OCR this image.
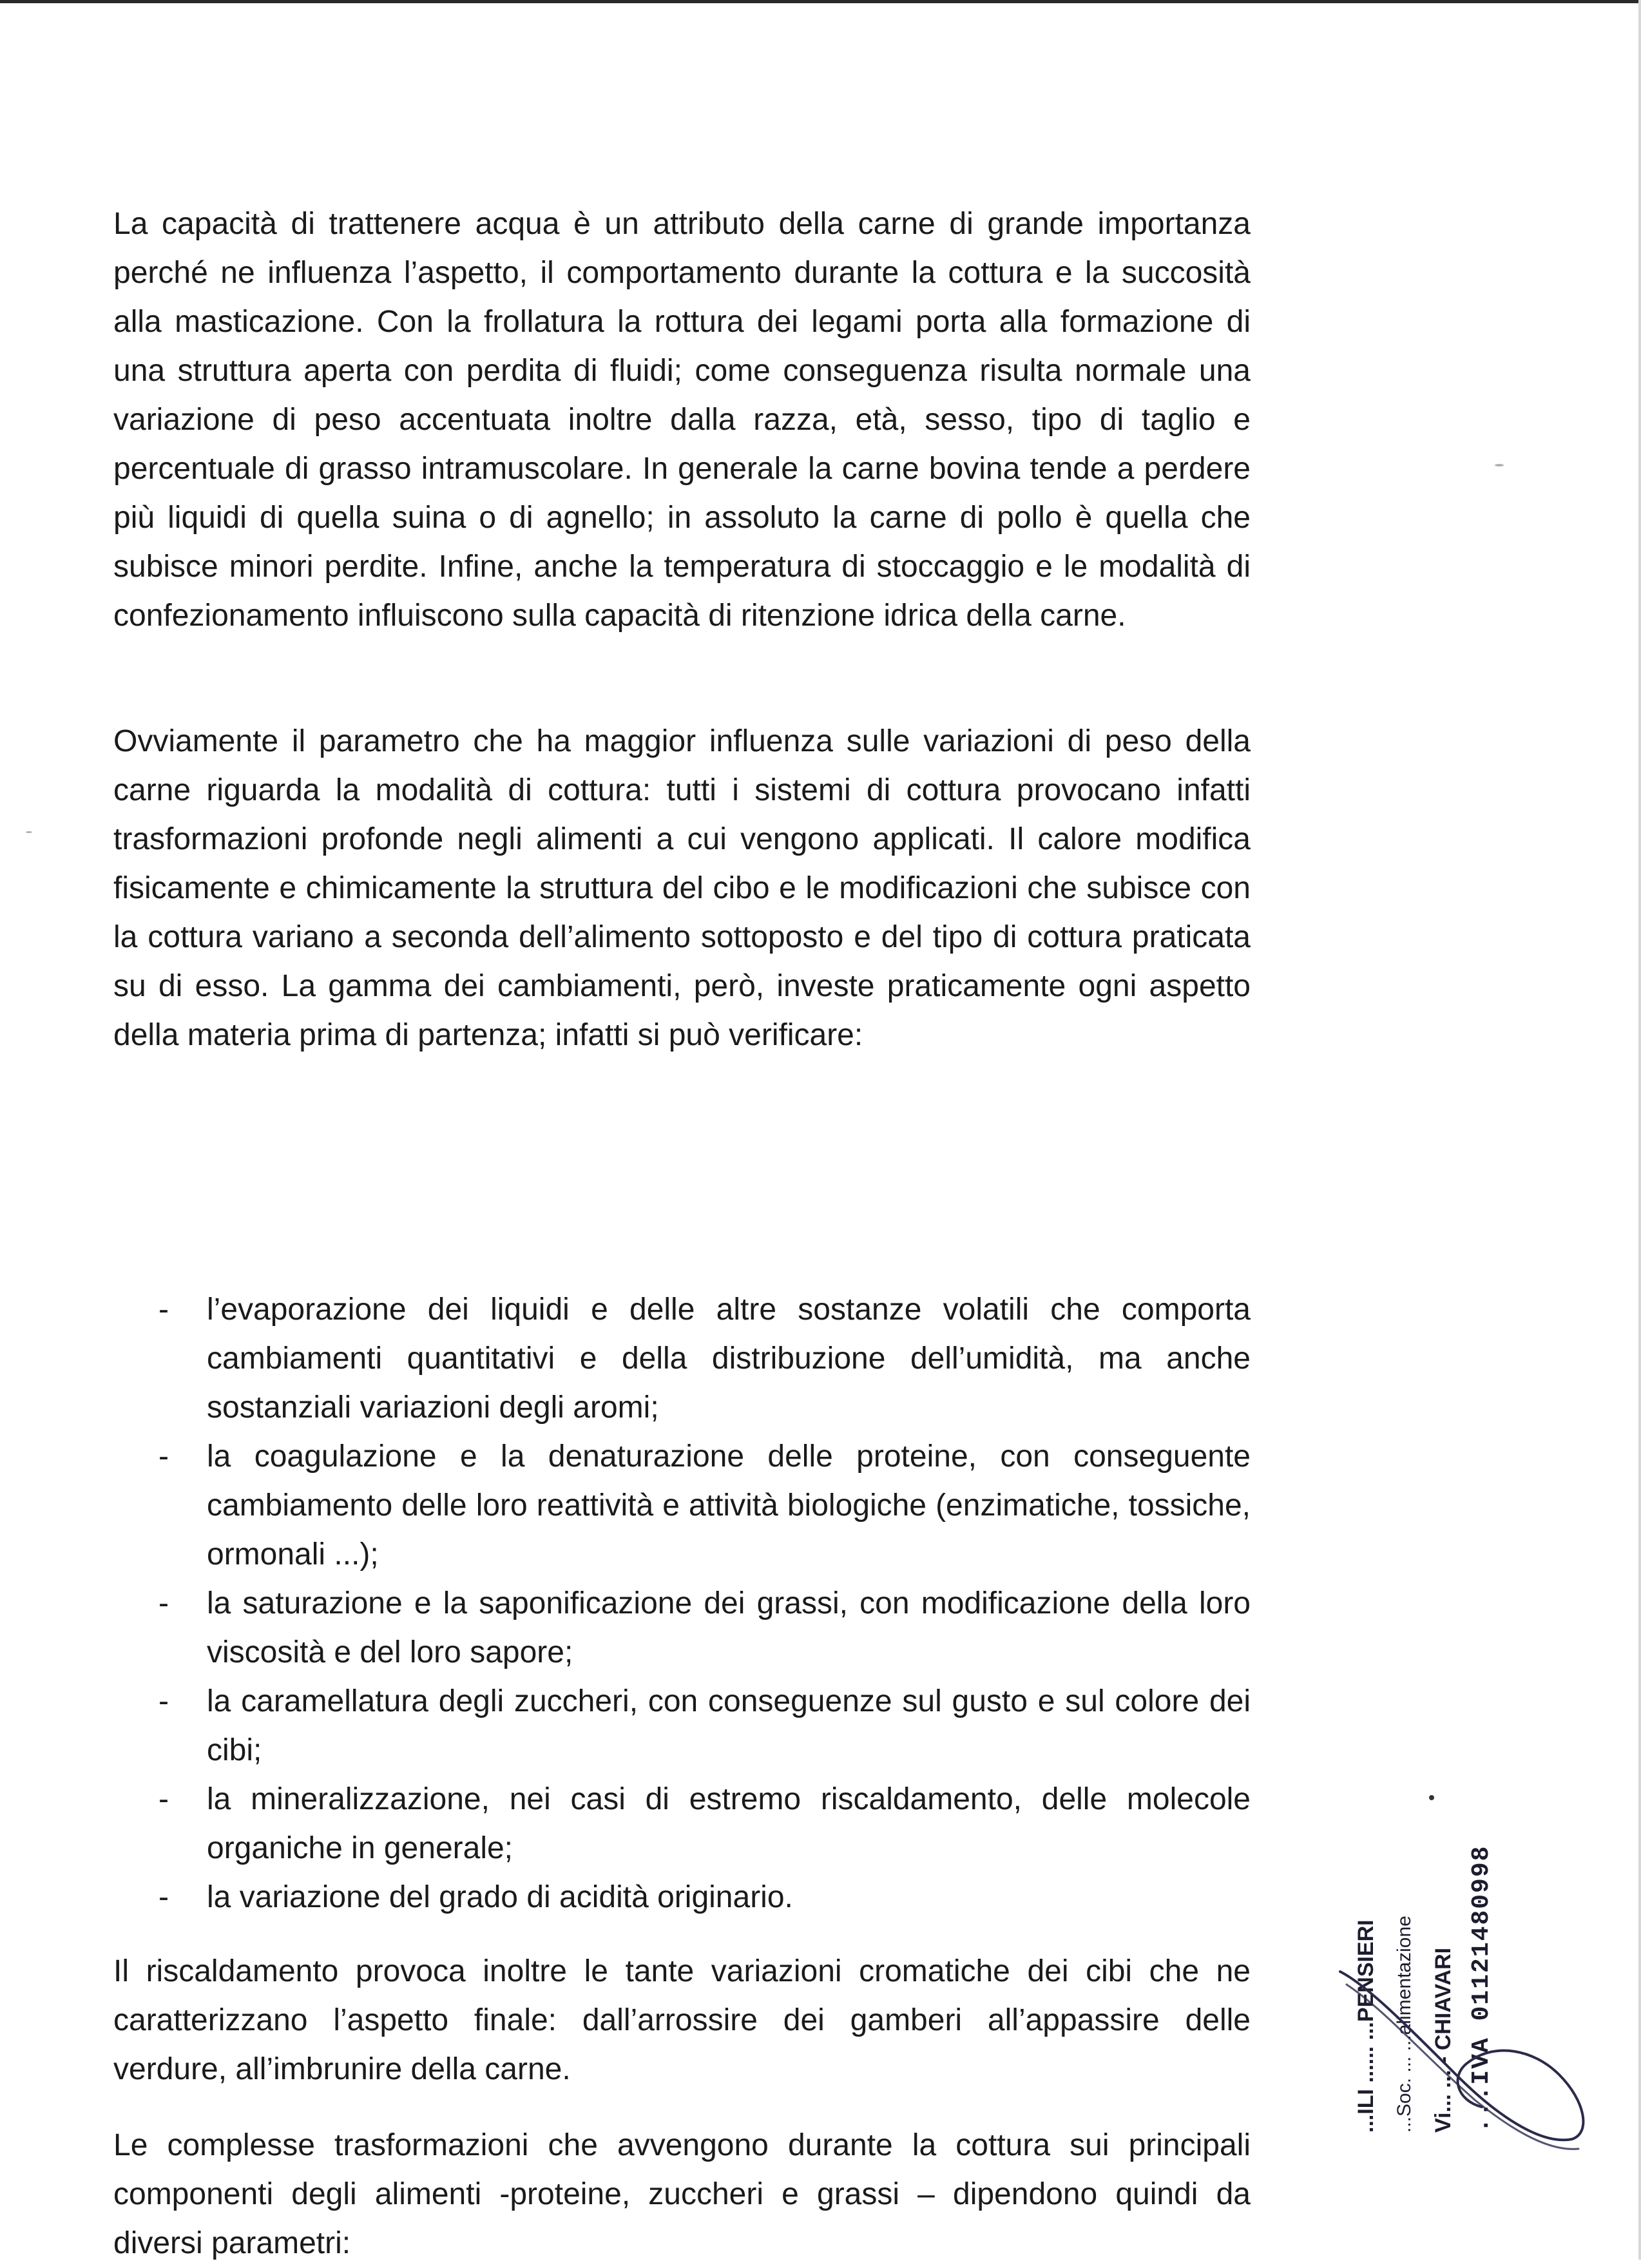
La capacità di trattenere acqua è un attributo della carne di grande importanza perché ne influenza l’aspetto, il comportamento durante la cottura e la succosità alla masticazione. Con la frollatura la rottura dei legami porta alla formazione di una struttura aperta con perdita di fluidi; come conseguenza risulta normale una variazione di peso accentuata inoltre dalla razza, età, sesso, tipo di taglio e percentuale di grasso intramuscolare. In generale la carne bovina tende a perdere più liquidi di quella suina o di agnello; in assoluto la carne di pollo è quella che subisce minori perdite. Infine, anche la temperatura di stoccaggio e le modalità di confezionamento influiscono sulla capacità di ritenzione idrica della carne.

Ovviamente il parametro che ha maggior influenza sulle variazioni di peso della carne riguarda la modalità di cottura: tutti i sistemi di cottura provocano infatti trasformazioni profonde negli alimenti a cui vengono applicati. Il calore modifica fisicamente e chimicamente la struttura del cibo e le modificazioni che subisce con la cottura variano a seconda dell’alimento sottoposto e del tipo di cottura praticata su di esso. La gamma dei cambiamenti, però, investe praticamente ogni aspetto della materia prima di partenza; infatti si può verificare:

- l’evaporazione dei liquidi e delle altre sostanze volatili che comporta cambiamenti quantitativi e della distribuzione dell’umidità, ma anche sostanziali variazioni degli aromi;
- la coagulazione e la denaturazione delle proteine, con conseguente cambiamento delle loro reattività e attività biologiche (enzimatiche, tossiche, ormonali ...);
- la saturazione e la saponificazione dei grassi, con modificazione della loro viscosità e del loro sapore;
- la caramellatura degli zuccheri, con conseguenze sul gusto e sul colore dei cibi;
- la mineralizzazione, nei casi di estremo riscaldamento, delle molecole organiche in generale;
- la variazione del grado di acidità originario.

Il riscaldamento provoca inoltre le tante variazioni cromatiche dei cibi che ne caratterizzano l’aspetto finale: dall’arrossire dei gamberi all’appassire delle verdure, all’imbrunire della carne.

Le complesse trasformazioni che avvengono durante la cottura sui principali componenti degli alimenti -proteine, zuccheri e grassi – dipendono quindi da diversi parametri:

...ILI ...... ...PENSIERI ...Soc. ... ...alimentazione Vi... ... - CHIAVARI ...IVA 01121480998
